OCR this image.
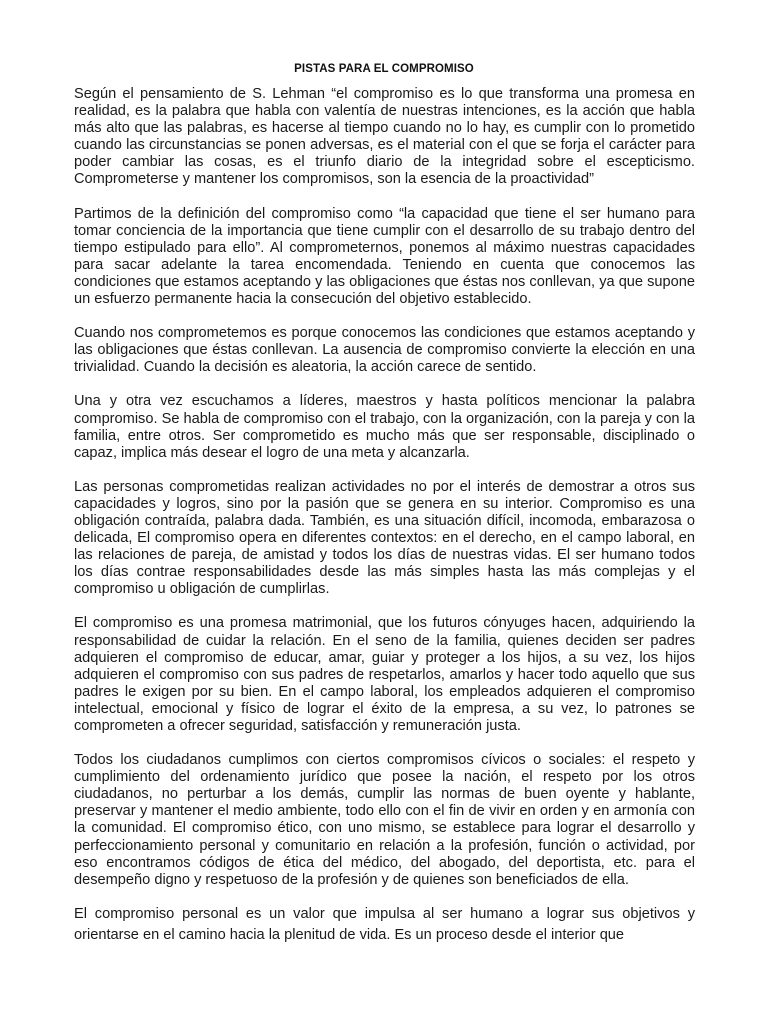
PISTAS PARA EL COMPROMISO

Según el pensamiento de S. Lehman “el compromiso es lo que transforma una promesa en realidad, es la palabra que habla con valentía de nuestras intenciones, es la acción que habla más alto que las palabras, es hacerse al tiempo cuando no lo hay, es cumplir con lo prometido cuando las circunstancias se ponen adversas, es el material con el que se forja el carácter para poder cambiar las cosas, es el triunfo diario de la integridad sobre el escepticismo. Comprometerse y mantener los compromisos, son la esencia de la proactividad”

Partimos de la definición del compromiso como “la capacidad que tiene el ser humano para tomar conciencia de la importancia que tiene cumplir con el desarrollo de su trabajo dentro del tiempo estipulado para ello”. Al comprometernos, ponemos al máximo nuestras capacidades para sacar adelante la tarea encomendada. Teniendo en cuenta que conocemos las condiciones que estamos aceptando y las obligaciones que éstas nos conllevan, ya que supone un esfuerzo permanente hacia la consecución del objetivo establecido.

Cuando nos comprometemos es porque conocemos las condiciones que estamos aceptando y las obligaciones que éstas conllevan. La ausencia de compromiso convierte la elección en una trivialidad. Cuando la decisión es aleatoria, la acción carece de sentido.

Una y otra vez escuchamos a líderes, maestros y hasta políticos mencionar la palabra compromiso. Se habla de compromiso con el trabajo, con la organización, con la pareja y con la familia, entre otros. Ser comprometido es mucho más que ser responsable, disciplinado o capaz, implica más desear el logro de una meta y alcanzarla.

Las personas comprometidas realizan actividades no por el interés de demostrar a otros sus capacidades y logros, sino por la pasión que se genera en su interior. Compromiso es una obligación contraída, palabra dada. También, es una situación difícil, incomoda, embarazosa o delicada, El compromiso opera en diferentes contextos: en el derecho, en el campo laboral, en las relaciones de pareja, de amistad y todos los días de nuestras vidas. El ser humano todos los días contrae responsabilidades desde las más simples hasta las más complejas y el compromiso u obligación de cumplirlas.

El compromiso es una promesa matrimonial, que los futuros cónyuges hacen, adquiriendo la responsabilidad de cuidar la relación. En el seno de la familia, quienes deciden ser padres adquieren el compromiso de educar, amar, guiar y proteger a los hijos, a su vez, los hijos adquieren el compromiso con sus padres de respetarlos, amarlos y hacer todo aquello que sus padres le exigen por su bien. En el campo laboral, los empleados adquieren el compromiso intelectual, emocional y físico de lograr el éxito de la empresa, a su vez, lo patrones se comprometen a ofrecer seguridad, satisfacción y remuneración justa.

Todos los ciudadanos cumplimos con ciertos compromisos cívicos o sociales: el respeto y cumplimiento del ordenamiento jurídico que posee la nación, el respeto por los otros ciudadanos, no perturbar a los demás, cumplir las normas de buen oyente y hablante, preservar y mantener el medio ambiente, todo ello con el fin de vivir en orden y en armonía con la comunidad. El compromiso ético, con uno mismo, se establece para lograr el desarrollo y perfeccionamiento personal y comunitario en relación a la profesión, función o actividad, por eso encontramos códigos de ética del médico, del abogado, del deportista, etc. para el desempeño digno y respetuoso de la profesión y de quienes son beneficiados de ella.

El compromiso personal es un valor que impulsa al ser humano a lograr sus objetivos y orientarse en el camino hacia la plenitud de vida. Es un proceso desde el interior que
